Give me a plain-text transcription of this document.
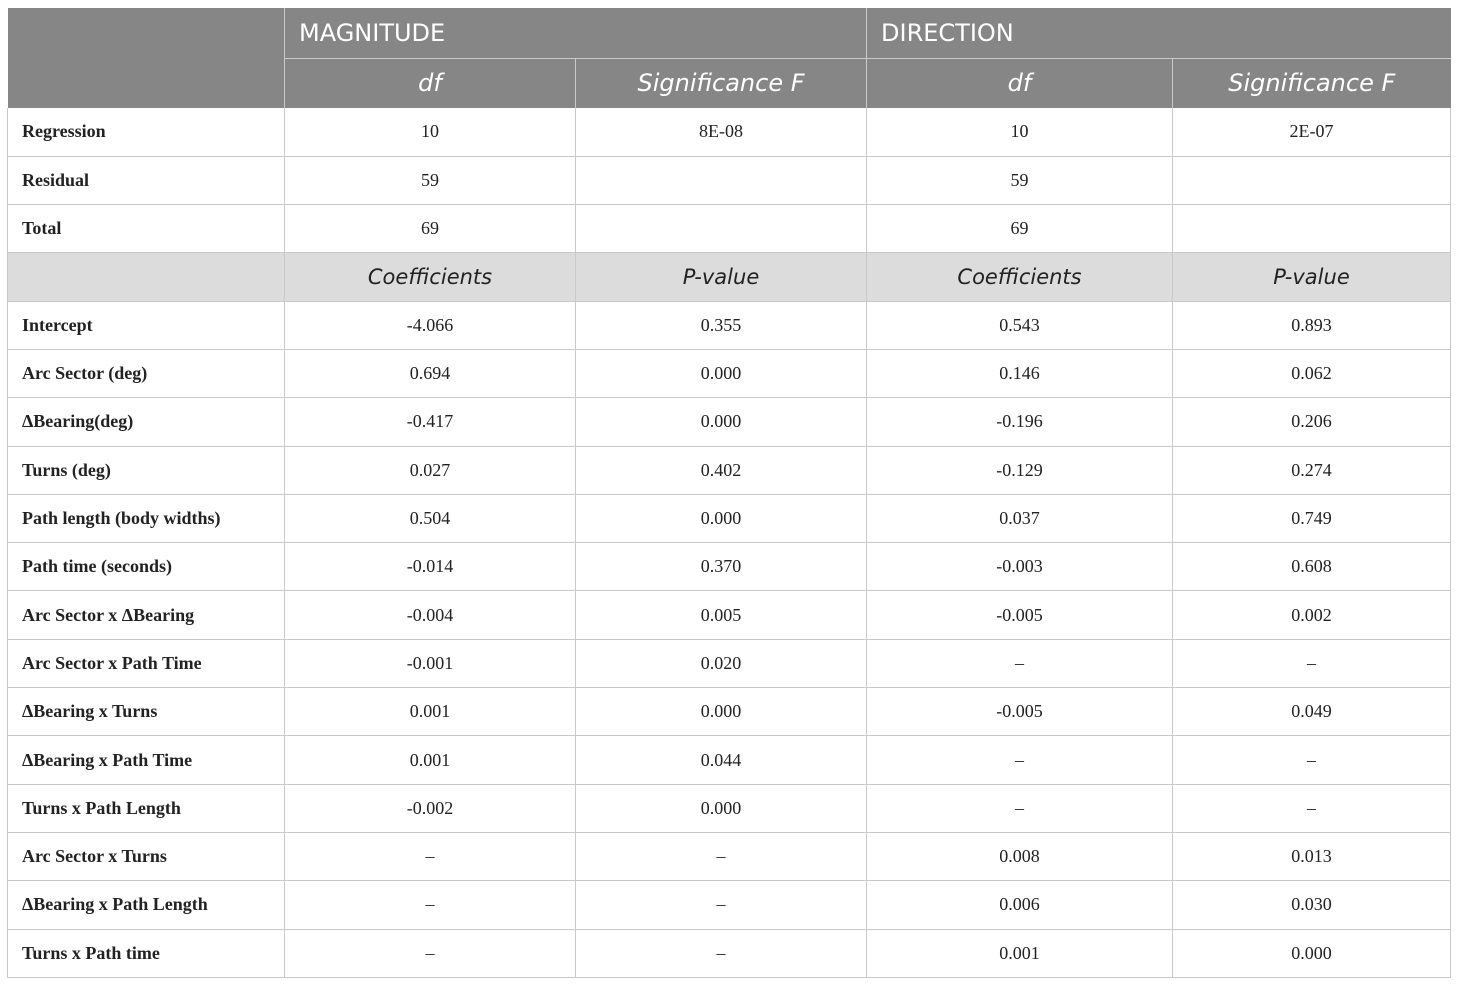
	MAGNITUDE		DIRECTION	
	df	Significance F	df	Significance F
Regression	10	8E-08	10	2E-07
Residual	59		59	
Total	69		69	
	Coefficients	P-value	Coefficients	P-value
Intercept	-4.066	0.355	0.543	0.893
Arc Sector (deg)	0.694	0.000	0.146	0.062
ΔBearing(deg)	-0.417	0.000	-0.196	0.206
Turns (deg)	0.027	0.402	-0.129	0.274
Path length (body widths)	0.504	0.000	0.037	0.749
Path time (seconds)	-0.014	0.370	-0.003	0.608
Arc Sector x ΔBearing	-0.004	0.005	-0.005	0.002
Arc Sector x Path Time	-0.001	0.020	–	–
ΔBearing x Turns	0.001	0.000	-0.005	0.049
ΔBearing x Path Time	0.001	0.044	–	–
Turns x Path Length	-0.002	0.000	–	–
Arc Sector x Turns	–	–	0.008	0.013
ΔBearing x Path Length	–	–	0.006	0.030
Turns x Path time	–	–	0.001	0.000
